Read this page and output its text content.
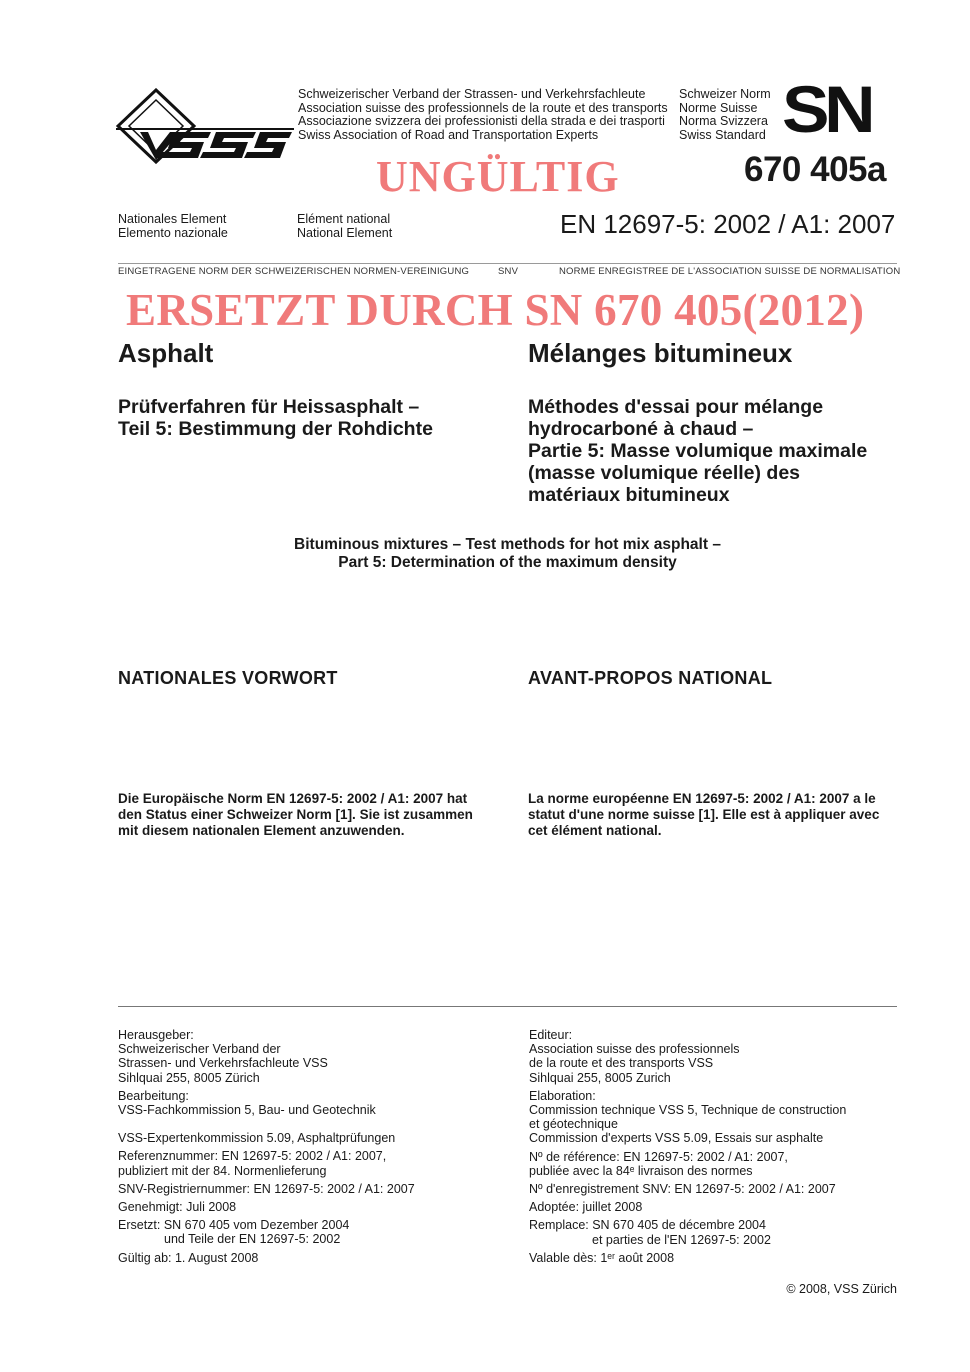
Schweizerischer Verband der Strassen- und Verkehrsfachleute
Association suisse des professionnels de la route et des transports
Associazione svizzera dei professionisti della strada e dei trasporti
Swiss Association of Road and Transportation Experts
Schweizer Norm
Norme Suisse
Norma Svizzera
Swiss Standard SN
670 405a
UNGÜLTIG
Nationales Element
Elemento nazionale
Elément national
National Element	EN 12697-5: 2002 / A1: 2007
EINGETRAGENE NORM DER SCHWEIZERISCHEN NORMEN-VEREINIGUNG	SNV	NORME ENREGISTREE DE L'ASSOCIATION SUISSE DE NORMALISATION
ERSETZT DURCH SN 670 405(2012)
Asphalt	Mélanges bitumineux
Prüfverfahren für Heissasphalt –
Teil 5: Bestimmung der Rohdichte
Méthodes d'essai pour mélange
hydrocarboné à chaud –
Partie 5: Masse volumique maximale
(masse volumique réelle) des
matériaux bitumineux
Bituminous mixtures – Test methods for hot mix asphalt –
Part 5: Determination of the maximum density
NATIONALES VORWORT	AVANT-PROPOS NATIONAL
Die Europäische Norm EN 12697-5: 2002 / A1: 2007 hat
den Status einer Schweizer Norm [1]. Sie ist zusammen
mit diesem nationalen Element anzuwenden.
La norme européenne EN 12697-5: 2002 / A1: 2007 a le
statut d'une norme suisse [1]. Elle est à appliquer avec
cet élément national.
Herausgeber:
Schweizerischer Verband der
Strassen- und Verkehrsfachleute VSS
Sihlquai 255, 8005 Zürich
Bearbeitung:
VSS-Fachkommission 5, Bau- und Geotechnik
VSS-Expertenkommission 5.09, Asphaltprüfungen
Referenznummer: EN 12697-5: 2002 / A1: 2007,
publiziert mit der 84. Normenlieferung
SNV-Registriernummer: EN 12697-5: 2002 / A1: 2007
Genehmigt: Juli 2008
Ersetzt: SN 670 405 vom Dezember 2004
und Teile der EN 12697-5: 2002
Gültig ab: 1. August 2008
Editeur:
Association suisse des professionnels
de la route et des transports VSS
Sihlquai 255, 8005 Zurich
Elaboration:
Commission technique VSS 5, Technique de construction
et géotechnique
Commission d'experts VSS 5.09, Essais sur asphalte
Nº de référence: EN 12697-5: 2002 / A1: 2007,
publiée avec la 84ᵉ livraison des normes
Nº d'enregistrement SNV: EN 12697-5: 2002 / A1: 2007
Adoptée: juillet 2008
Remplace: SN 670 405 de décembre 2004
et parties de l'EN 12697-5: 2002
Valable dès: 1ᵉʳ août 2008
© 2008, VSS Zürich
